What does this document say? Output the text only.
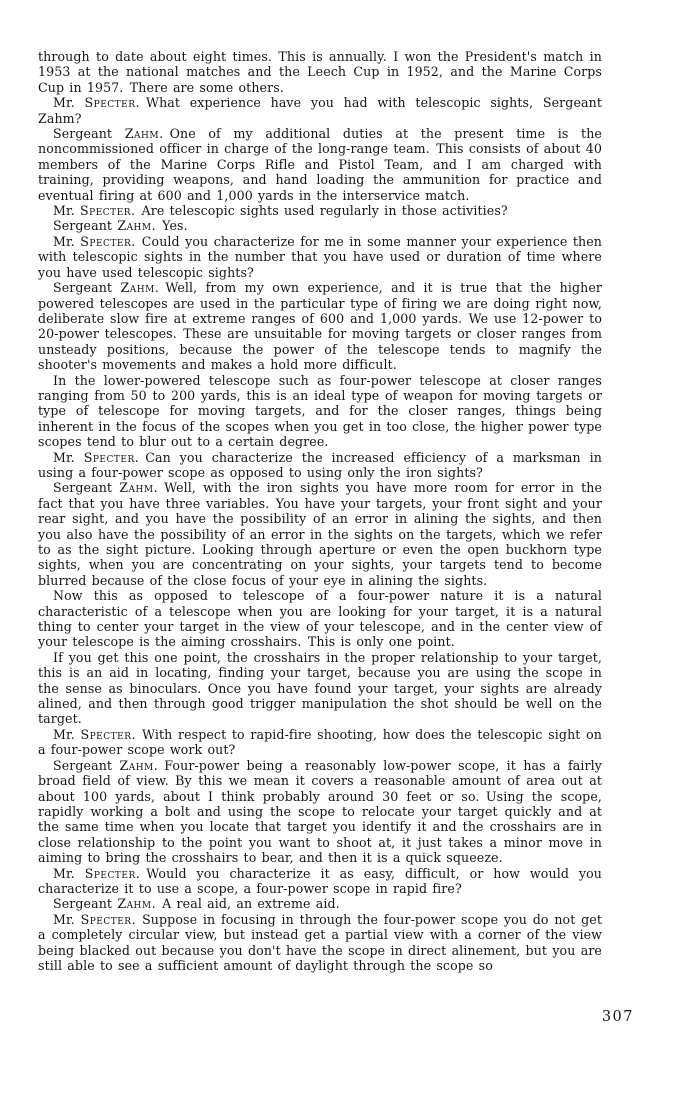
through to date about eight times. This is annually. I won the President's match in 1953 at the national matches and the Leech Cup in 1952, and the Marine Corps Cup in 1957. There are some others.

Mr. Specter. What experience have you had with telescopic sights, Sergeant Zahm?

Sergeant Zahm. One of my additional duties at the present time is the noncommissioned officer in charge of the long-range team. This consists of about 40 members of the Marine Corps Rifle and Pistol Team, and I am charged with training, providing weapons, and hand loading the ammunition for practice and eventual firing at 600 and 1,000 yards in the interservice match.

Mr. Specter. Are telescopic sights used regularly in those activities?

Sergeant Zahm. Yes.

Mr. Specter. Could you characterize for me in some manner your experience then with telescopic sights in the number that you have used or duration of time where you have used telescopic sights?

Sergeant Zahm. Well, from my own experience, and it is true that the higher powered telescopes are used in the particular type of firing we are doing right now, deliberate slow fire at extreme ranges of 600 and 1,000 yards. We use 12-power to 20-power telescopes. These are unsuitable for moving targets or closer ranges from unsteady positions, because the power of the telescope tends to magnify the shooter's movements and makes a hold more difficult.

In the lower-powered telescope such as four-power telescope at closer ranges ranging from 50 to 200 yards, this is an ideal type of weapon for moving targets or type of telescope for moving targets, and for the closer ranges, things being inherent in the focus of the scopes when you get in too close, the higher power type scopes tend to blur out to a certain degree.

Mr. Specter. Can you characterize the increased efficiency of a marksman in using a four-power scope as opposed to using only the iron sights?

Sergeant Zahm. Well, with the iron sights you have more room for error in the fact that you have three variables. You have your targets, your front sight and your rear sight, and you have the possibility of an error in alining the sights, and then you also have the possibility of an error in the sights on the targets, which we refer to as the sight picture. Looking through aperture or even the open buckhorn type sights, when you are concentrating on your sights, your targets tend to become blurred because of the close focus of your eye in alining the sights.

Now this as opposed to telescope of a four-power nature it is a natural characteristic of a telescope when you are looking for your target, it is a natural thing to center your target in the view of your telescope, and in the center view of your telescope is the aiming crosshairs. This is only one point.

If you get this one point, the crosshairs in the proper relationship to your target, this is an aid in locating, finding your target, because you are using the scope in the sense as binoculars. Once you have found your target, your sights are already alined, and then through good trigger manipulation the shot should be well on the target.

Mr. Specter. With respect to rapid-fire shooting, how does the telescopic sight on a four-power scope work out?

Sergeant Zahm. Four-power being a reasonably low-power scope, it has a fairly broad field of view. By this we mean it covers a reasonable amount of area out at about 100 yards, about I think probably around 30 feet or so. Using the scope, rapidly working a bolt and using the scope to relocate your target quickly and at the same time when you locate that target you identify it and the crosshairs are in close relationship to the point you want to shoot at, it just takes a minor move in aiming to bring the crosshairs to bear, and then it is a quick squeeze.

Mr. Specter. Would you characterize it as easy, difficult, or how would you characterize it to use a scope, a four-power scope in rapid fire?

Sergeant Zahm. A real aid, an extreme aid.

Mr. Specter. Suppose in focusing in through the four-power scope you do not get a completely circular view, but instead get a partial view with a corner of the view being blacked out because you don't have the scope in direct alinement, but you are still able to see a sufficient amount of daylight through the scope so

307
